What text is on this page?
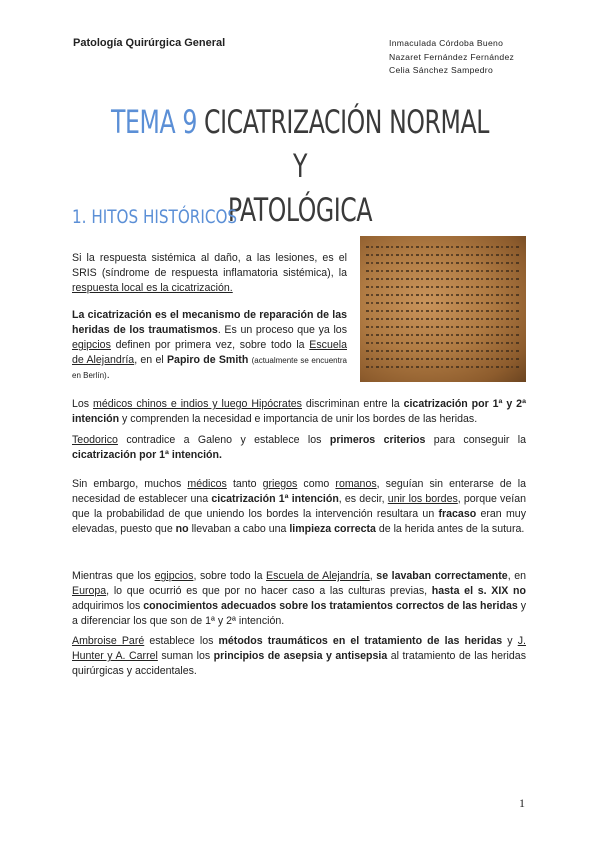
Patología Quirúrgica General	Inmaculada Córdoba Bueno
Nazaret Fernández Fernández
Celia Sánchez Sampedro
TEMA 9 CICATRIZACIÓN NORMAL Y
PATOLÓGICA
1. HITOS HISTÓRICOS
Si la respuesta sistémica al daño, a las lesiones, es el SRIS (síndrome de respuesta inflamatoria sistémica), la respuesta local es la cicatrización.
La cicatrización es el mecanismo de reparación de las heridas de los traumatismos. Es un proceso que ya los egipcios definen por primera vez, sobre todo la Escuela de Alejandría, en el Papiro de Smith (actualmente se encuentra en Berlín).
Los médicos chinos e indios y luego Hipócrates discriminan entre la cicatrización por 1ª y 2ª intención y comprenden la necesidad e importancia de unir los bordes de las heridas.
Teodorico contradice a Galeno y establece los primeros criterios para conseguir la cicatrización por 1ª intención.
Sin embargo, muchos médicos tanto griegos como romanos, seguían sin enterarse de la necesidad de establecer una cicatrización 1ª intención, es decir, unir los bordes, porque veían que la probabilidad de que uniendo los bordes la intervención resultara un fracaso eran muy elevadas, puesto que no llevaban a cabo una limpieza correcta de la herida antes de la sutura.
Mientras que los egipcios, sobre todo la Escuela de Alejandría, se lavaban correctamente, en Europa, lo que ocurrió es que por no hacer caso a las culturas previas, hasta el s. XIX no adquirimos los conocimientos adecuados sobre los tratamientos correctos de las heridas y a diferenciar los que son de 1ª y 2ª intención.
Ambroise Paré establece los métodos traumáticos en el tratamiento de las heridas y J. Hunter y A. Carrel suman los principios de asepsia y antisepsia al tratamiento de las heridas quirúrgicas y accidentales.
1
